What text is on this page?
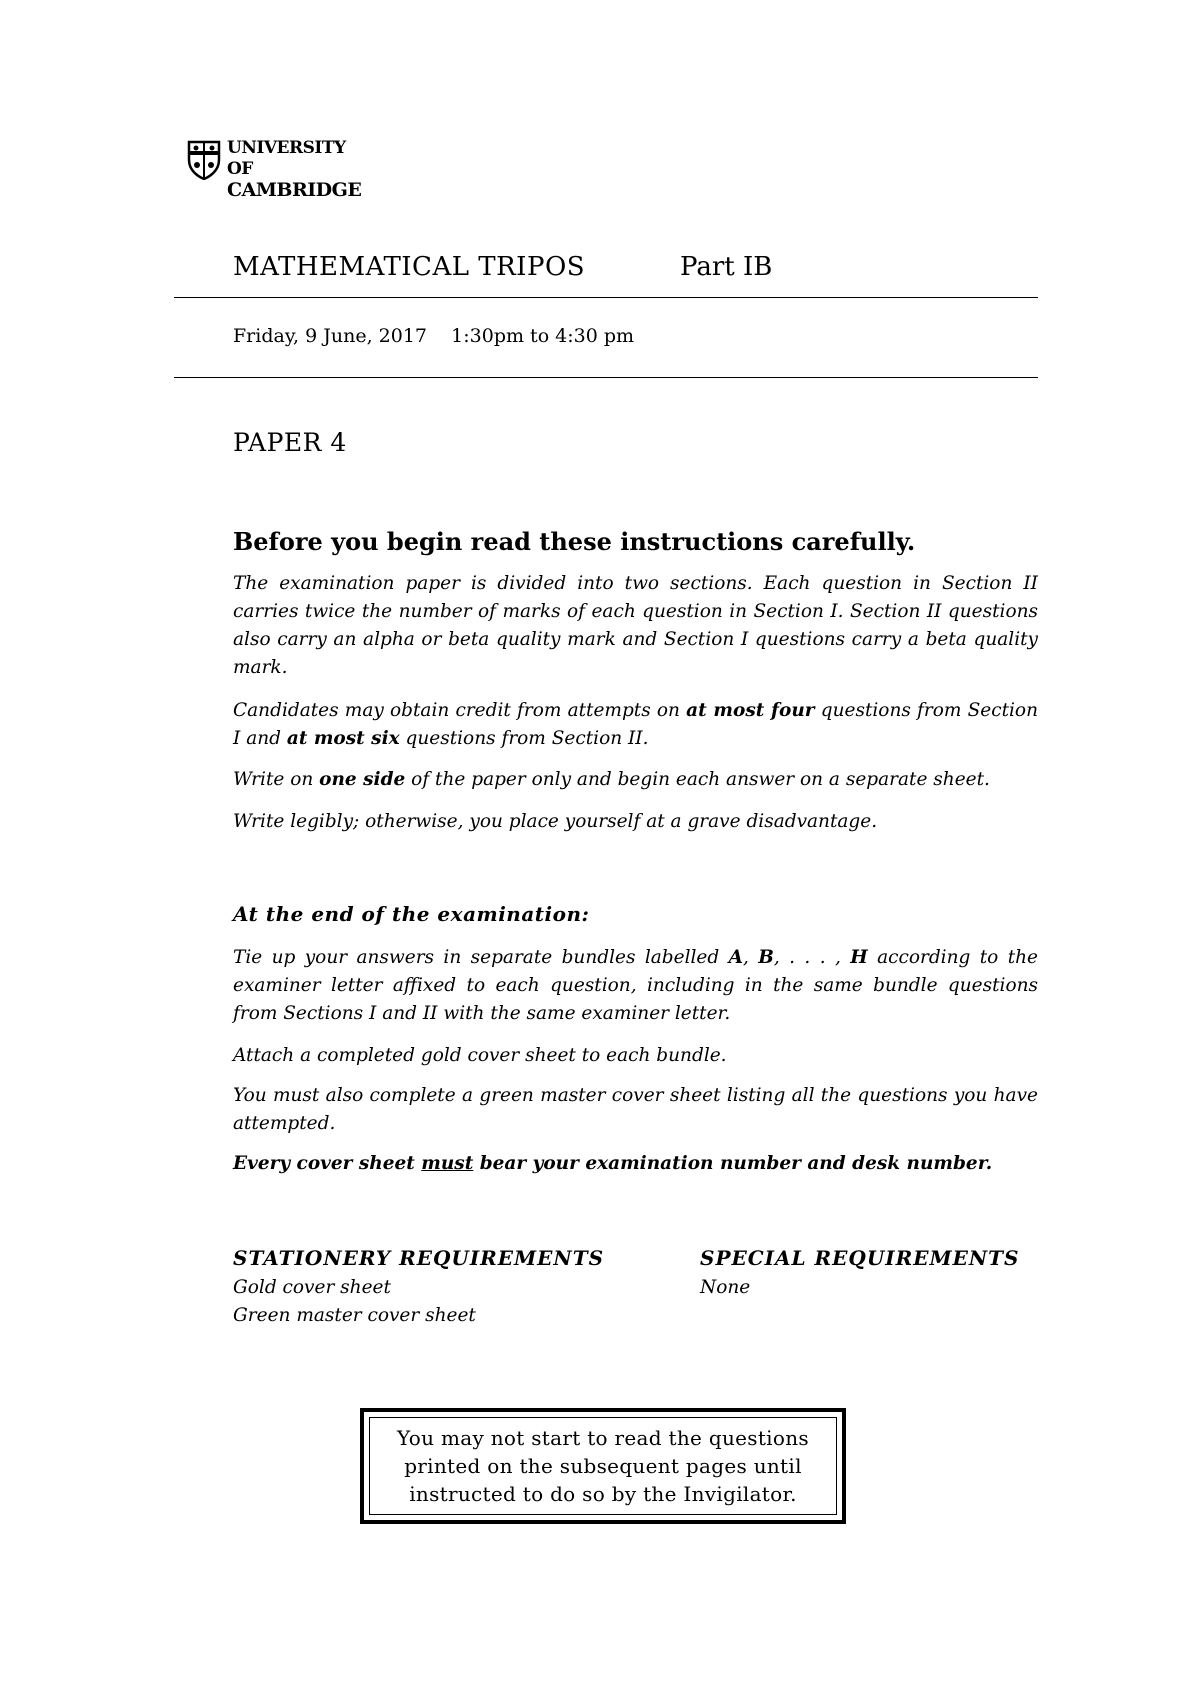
UNIVERSITY OF
CAMBRIDGE
MATHEMATICAL TRIPOS	Part IB
Friday, 9 June, 2017    1:30pm to 4:30 pm
PAPER 4
Before you begin read these instructions carefully.
The examination paper is divided into two sections. Each question in Section II carries twice the number of marks of each question in Section I. Section II questions also carry an alpha or beta quality mark and Section I questions carry a beta quality mark.
Candidates may obtain credit from attempts on at most four questions from Section I and at most six questions from Section II.
Write on one side of the paper only and begin each answer on a separate sheet.
Write legibly; otherwise, you place yourself at a grave disadvantage.
At the end of the examination:
Tie up your answers in separate bundles labelled A, B, . . . , H according to the examiner letter affixed to each question, including in the same bundle questions from Sections I and II with the same examiner letter.
Attach a completed gold cover sheet to each bundle.
You must also complete a green master cover sheet listing all the questions you have attempted.
Every cover sheet must bear your examination number and desk number.
STATIONERY REQUIREMENTS
Gold cover sheet
Green master cover sheet
SPECIAL REQUIREMENTS
None
You may not start to read the questions
printed on the subsequent pages until
instructed to do so by the Invigilator.
